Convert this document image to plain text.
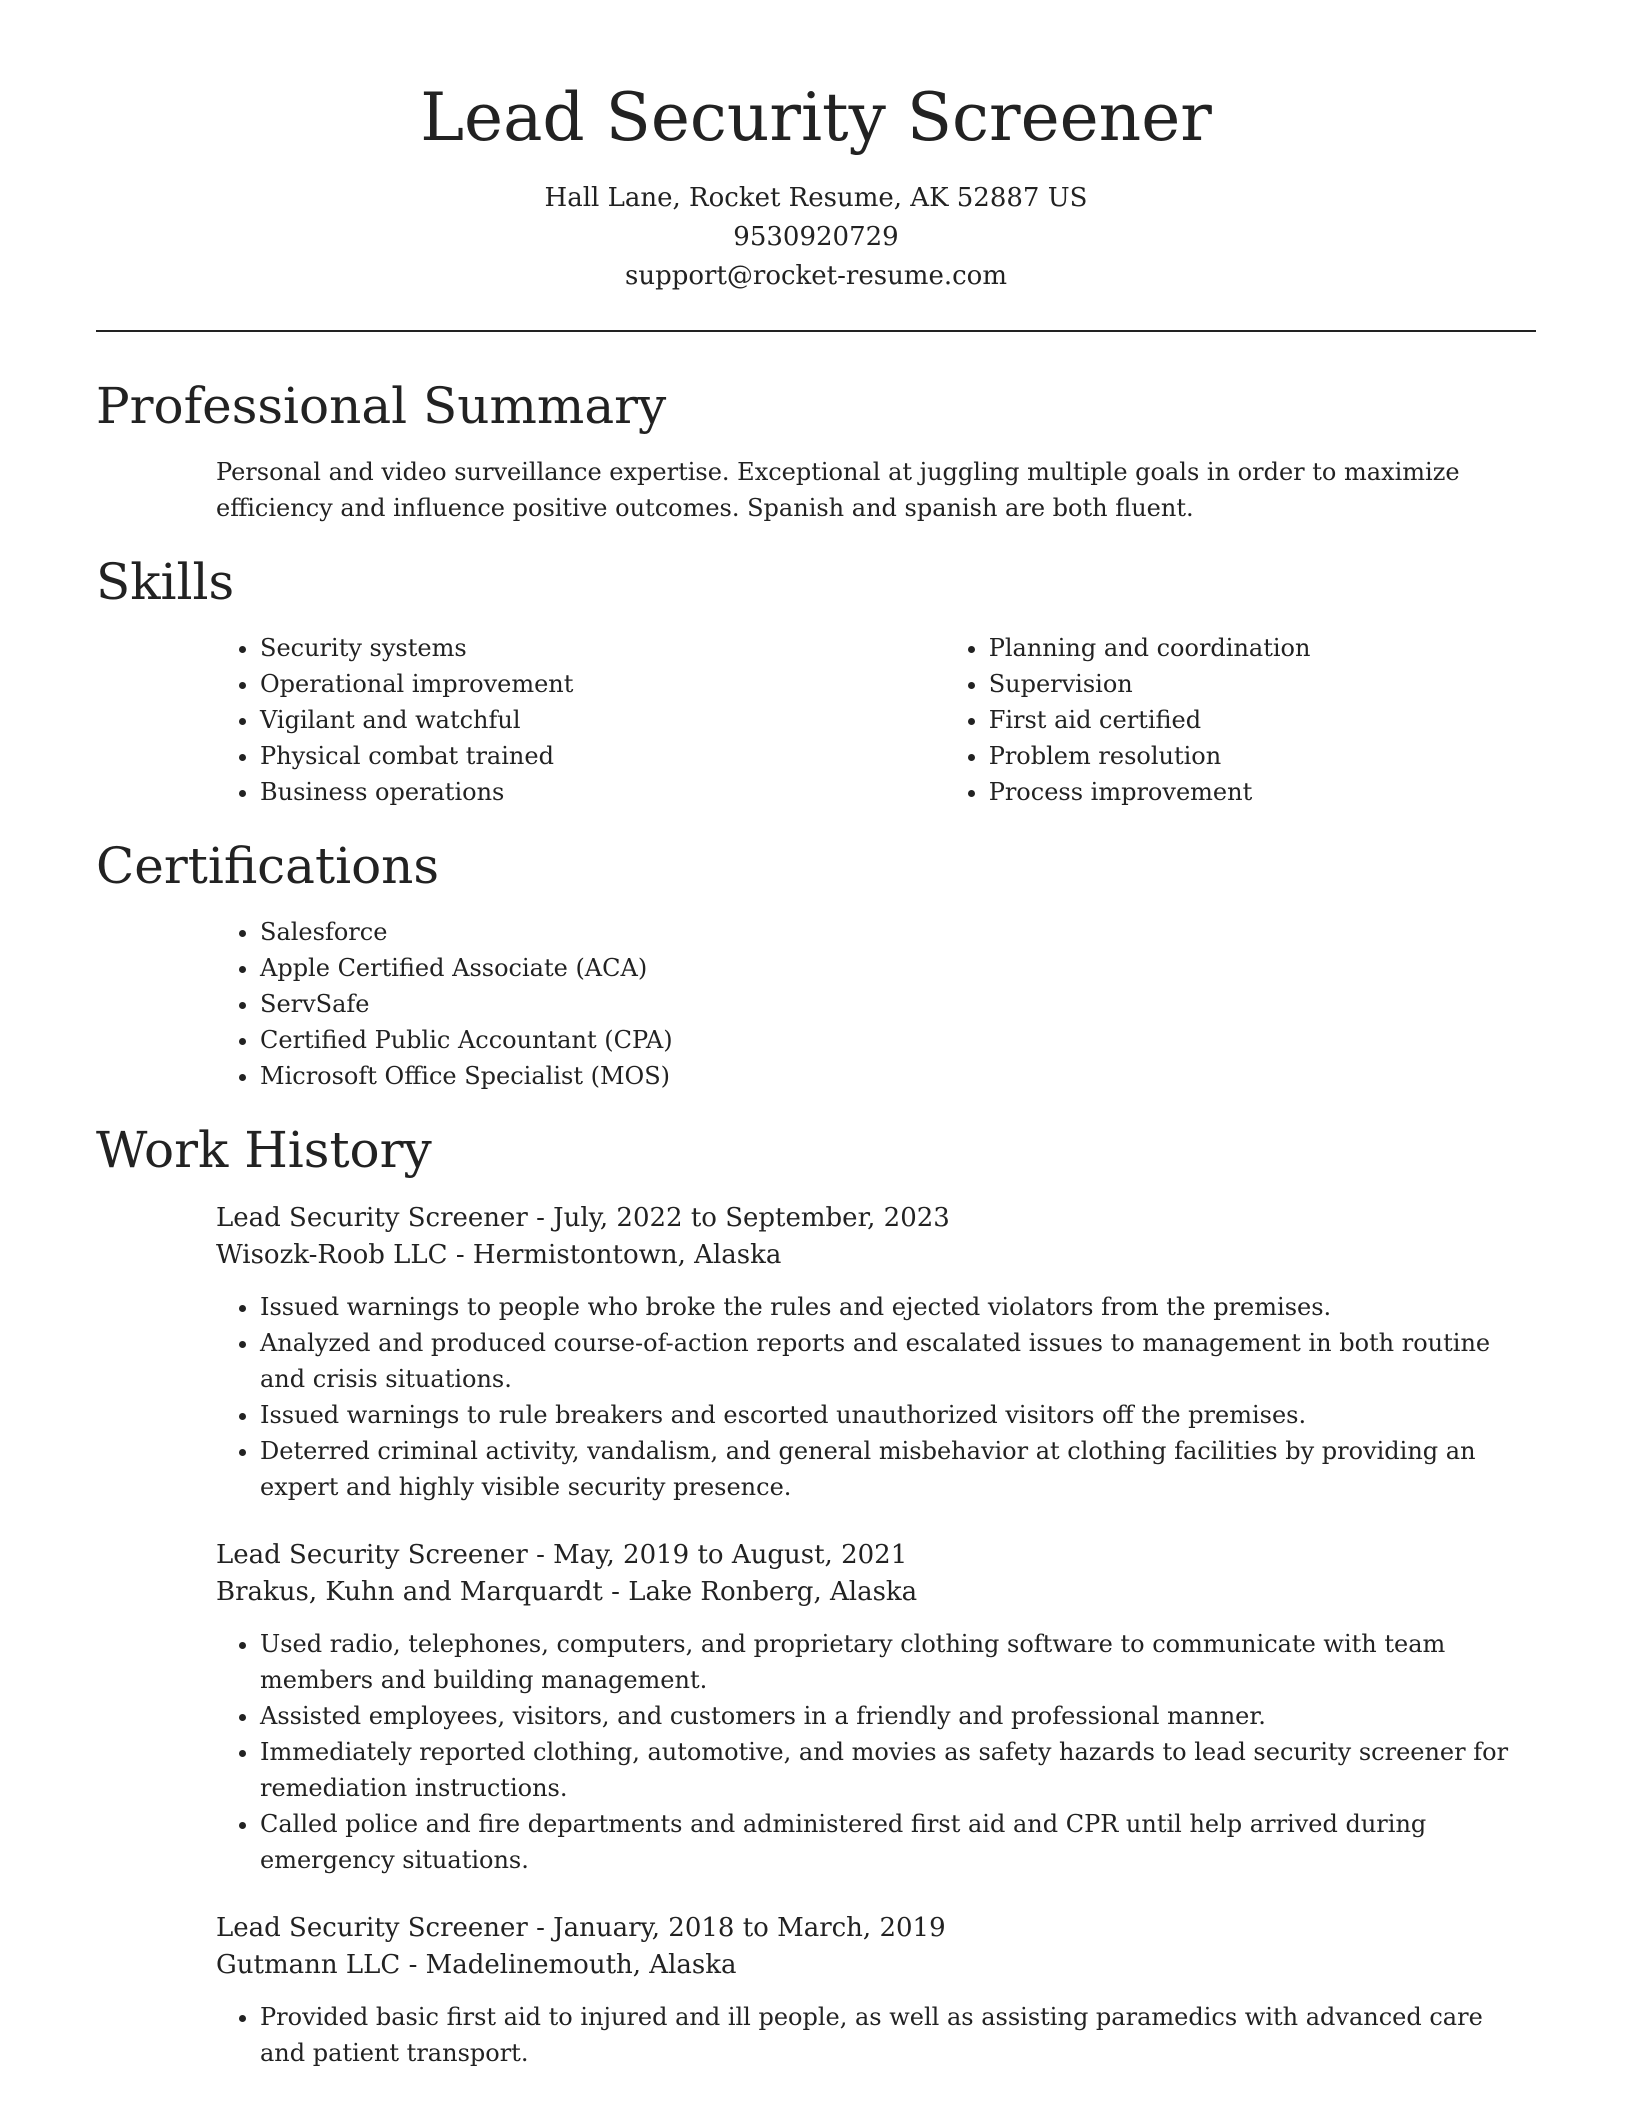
Lead Security Screener
Hall Lane, Rocket Resume, AK 52887 US
9530920729
support@rocket-resume.com
Professional Summary
Personal and video surveillance expertise. Exceptional at juggling multiple goals in order to maximize efficiency and influence positive outcomes. Spanish and spanish are both fluent.
Skills
• Security systems
• Operational improvement
• Vigilant and watchful
• Physical combat trained
• Business operations
• Planning and coordination
• Supervision
• First aid certified
• Problem resolution
• Process improvement
Certifications
• Salesforce
• Apple Certified Associate (ACA)
• ServSafe
• Certified Public Accountant (CPA)
• Microsoft Office Specialist (MOS)
Work History
Lead Security Screener - July, 2022 to September, 2023
Wisozk-Roob LLC - Hermistontown, Alaska
• Issued warnings to people who broke the rules and ejected violators from the premises.
• Analyzed and produced course-of-action reports and escalated issues to management in both routine and crisis situations.
• Issued warnings to rule breakers and escorted unauthorized visitors off the premises.
• Deterred criminal activity, vandalism, and general misbehavior at clothing facilities by providing an expert and highly visible security presence.
Lead Security Screener - May, 2019 to August, 2021
Brakus, Kuhn and Marquardt - Lake Ronberg, Alaska
• Used radio, telephones, computers, and proprietary clothing software to communicate with team members and building management.
• Assisted employees, visitors, and customers in a friendly and professional manner.
• Immediately reported clothing, automotive, and movies as safety hazards to lead security screener for remediation instructions.
• Called police and fire departments and administered first aid and CPR until help arrived during emergency situations.
Lead Security Screener - January, 2018 to March, 2019
Gutmann LLC - Madelinemouth, Alaska
• Provided basic first aid to injured and ill people, as well as assisting paramedics with advanced care and patient transport.
